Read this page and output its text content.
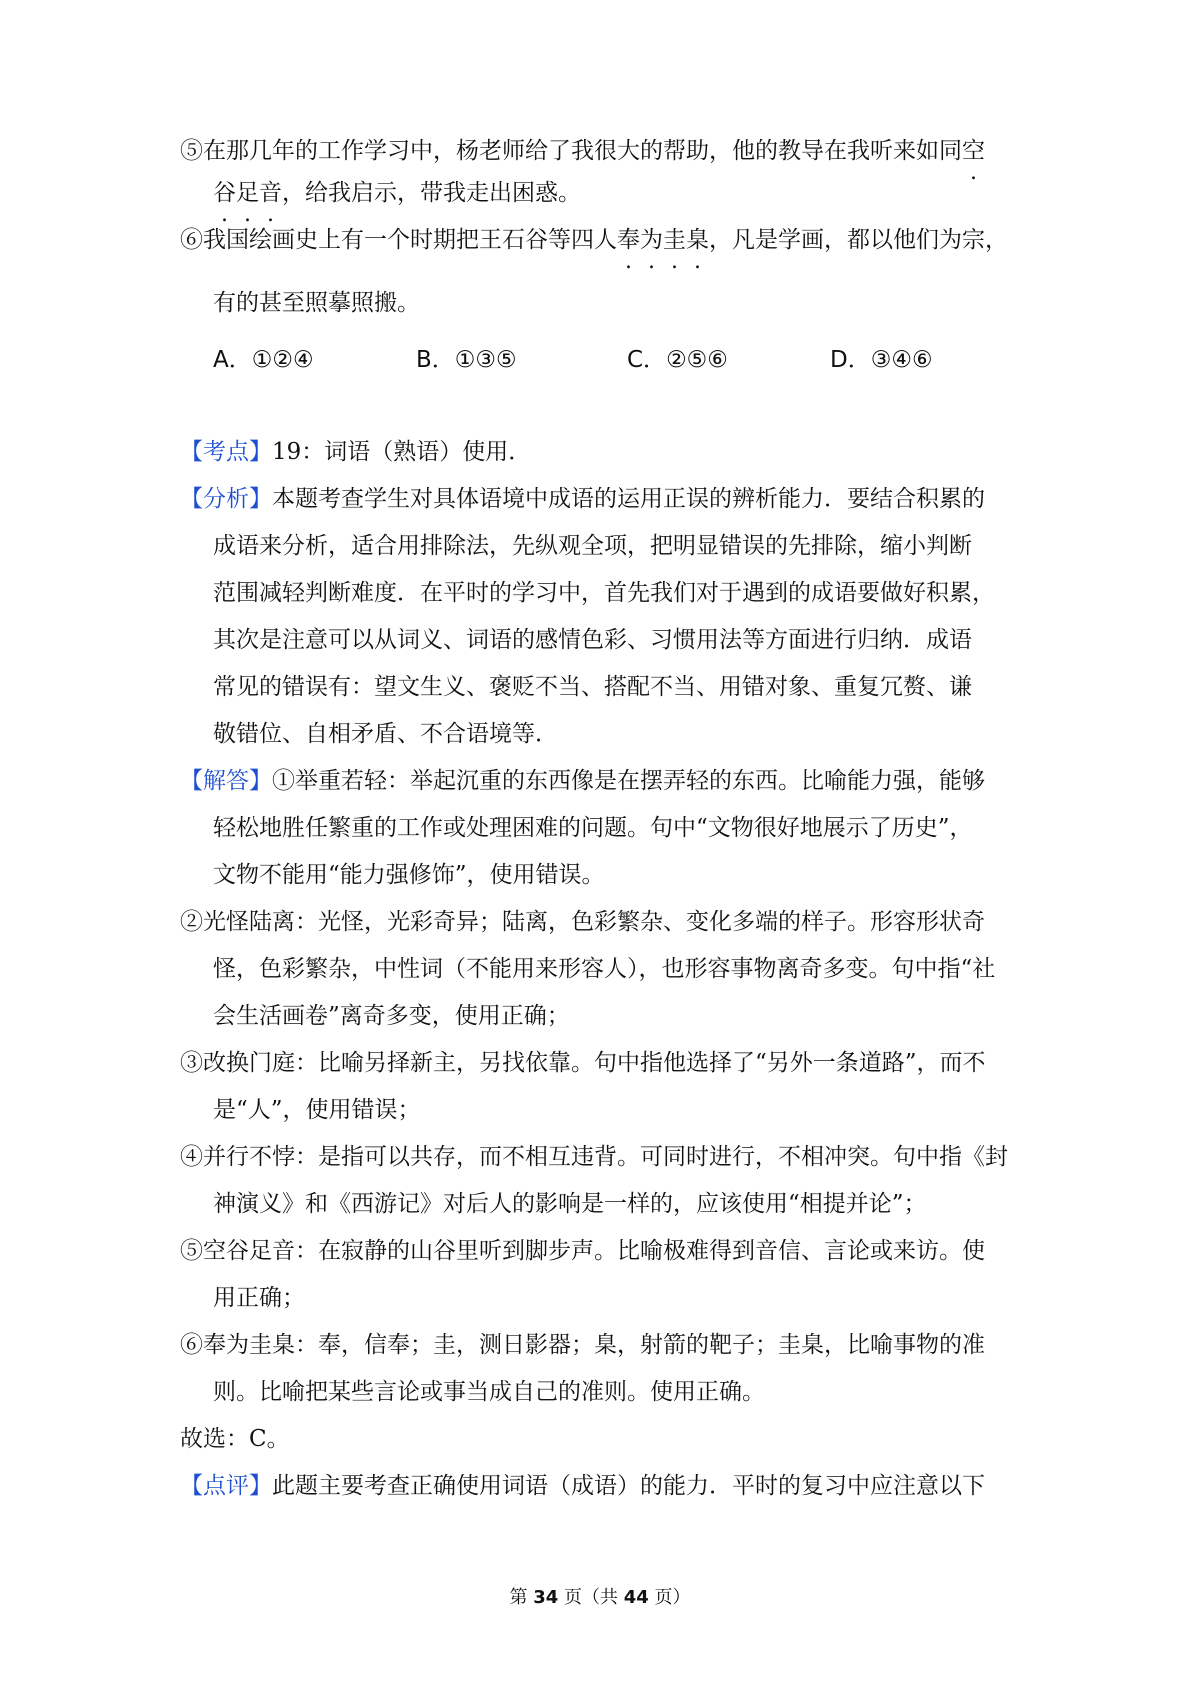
⑤在那几年的工作学习中，杨老师给了我很大的帮助，他的教导在我听来如同空
谷足音，给我启示，带我走出困惑。
⑥我国绘画史上有一个时期把王石谷等四人奉为圭臬，凡是学画，都以他们为宗，
有的甚至照摹照搬。
A．①②④	B．①③⑤	C．②⑤⑥	D．③④⑥
【考点】19：词语（熟语）使用．
【分析】本题考查学生对具体语境中成语的运用正误的辨析能力．要结合积累的
成语来分析，适合用排除法，先纵观全项，把明显错误的先排除，缩小判断
范围减轻判断难度．在平时的学习中，首先我们对于遇到的成语要做好积累，
其次是注意可以从词义、词语的感情色彩、习惯用法等方面进行归纳．成语
常见的错误有：望文生义、褒贬不当、搭配不当、用错对象、重复冗赘、谦
敬错位、自相矛盾、不合语境等．
【解答】①举重若轻：举起沉重的东西像是在摆弄轻的东西。比喻能力强，能够
轻松地胜任繁重的工作或处理困难的问题。句中“文物很好地展示了历史”，
文物不能用“能力强修饰”，使用错误。
②光怪陆离：光怪，光彩奇异；陆离，色彩繁杂、变化多端的样子。形容形状奇
怪，色彩繁杂，中性词（不能用来形容人），也形容事物离奇多变。句中指“社
会生活画卷”离奇多变，使用正确；
③改换门庭：比喻另择新主，另找依靠。句中指他选择了“另外一条道路”，而不
是“人”，使用错误；
④并行不悖：是指可以共存，而不相互违背。可同时进行，不相冲突。句中指《封
神演义》和《西游记》对后人的影响是一样的，应该使用“相提并论”；
⑤空谷足音：在寂静的山谷里听到脚步声。比喻极难得到音信、言论或来访。使
用正确；
⑥奉为圭臬：奉，信奉；圭，测日影器；臬，射箭的靶子；圭臬，比喻事物的准
则。比喻把某些言论或事当成自己的准则。使用正确。
故选：C。
【点评】此题主要考查正确使用词语（成语）的能力．平时的复习中应注意以下
第 34 页（共 44 页）
